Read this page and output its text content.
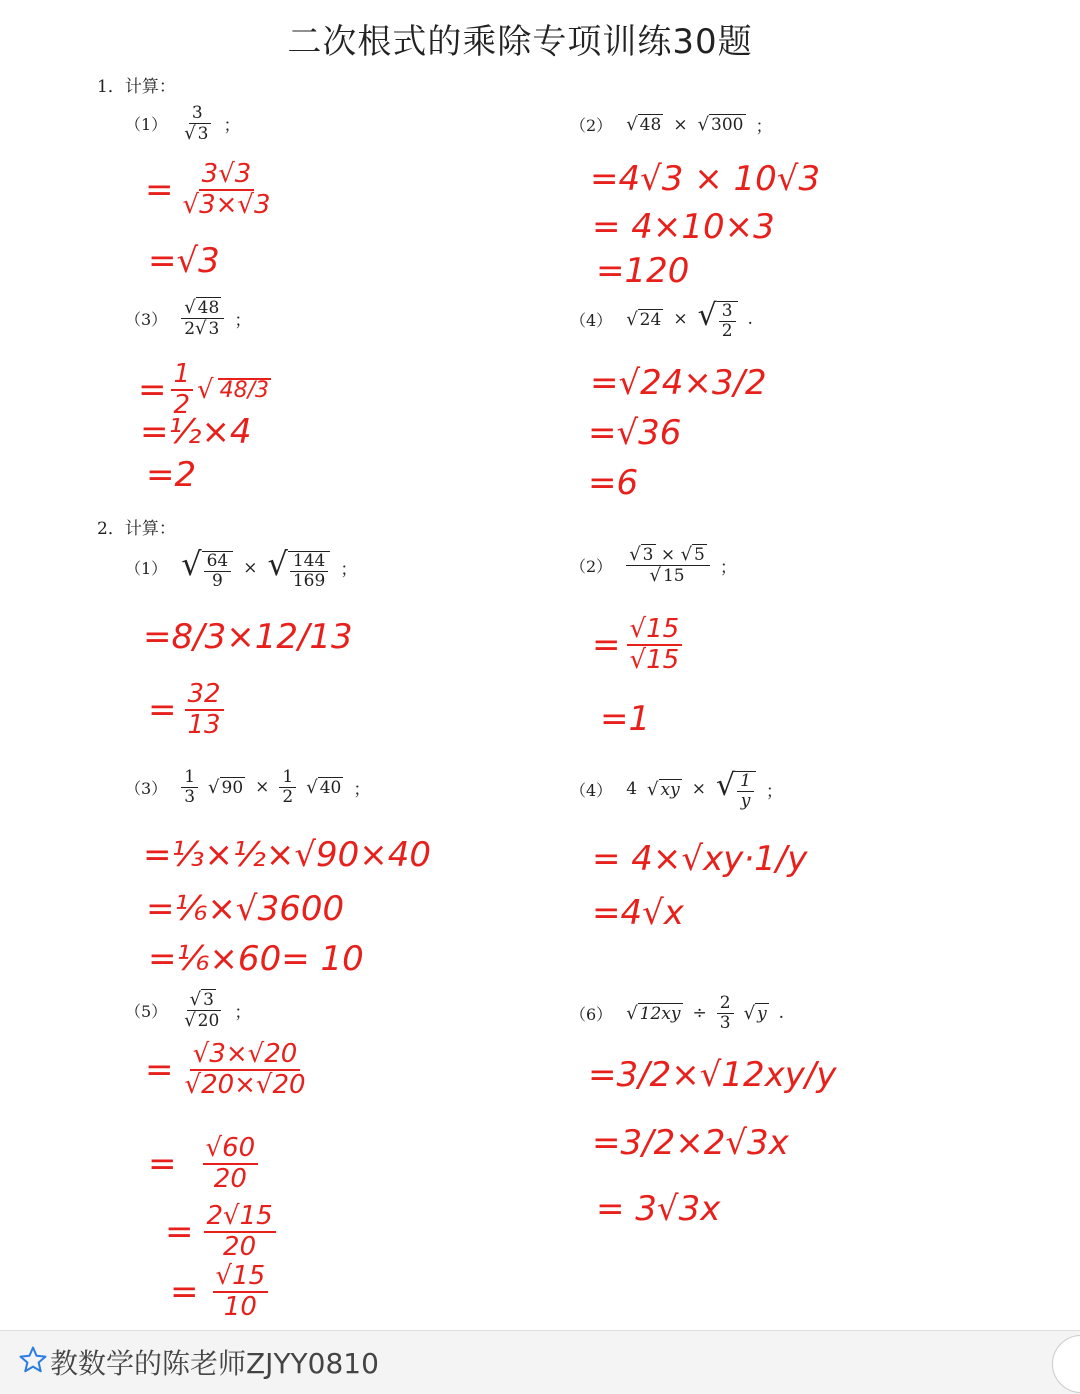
二次根式的乘除专项训练30题
1．计算：
$(1) \frac{3}{√ 3}$ ；	（2） √ 48 × √ 300 ；
$(3) \frac{√ 48}{2√ 3}$ ；	（4） √ 24 × √ $\frac{3}{2}$ .
2．计算：
（1） √ $\frac{64}{9}$ × √ $\frac{144}{169}$ ；	$(2) \frac{√ 3 \times √ 5}{√ 15}$ ；
$(3) \frac{1}{3}$ √ $90 \times \frac{1}{2}$ √ 40 ；	（4） 4 √ xy × √ $\frac{1}{y}$ ；
$(5) \frac{√ 3}{√ 20}$ ；	（6） √ $12xy \div \frac{2}{3}$ √ y .
= $\frac{3√3}{√3\times√3}$
=√3
=4√3 × 10√3
= 4×10×3
=120
= $\frac{1}{2}$ √ 48/3
=½×4
=2
=√24×3/2
=√36
=6
=8/3×12/13
= $\frac{32}{13}$
= $\frac{√15}{√15}$
=1
=⅓×½×√90×40
=⅙×√3600
=⅙×60= 10
= 4×√xy·1/y
=4√x
= $\frac{√3\times√20}{√20\times√20}$
= $\frac{√60}{20}$
= $\frac{2√15}{20}$
= $\frac{√15}{10}$
=3/2×√12xy/y
=3/2×2√3x
= 3√3x
教数学的陈老师ZJYY0810
